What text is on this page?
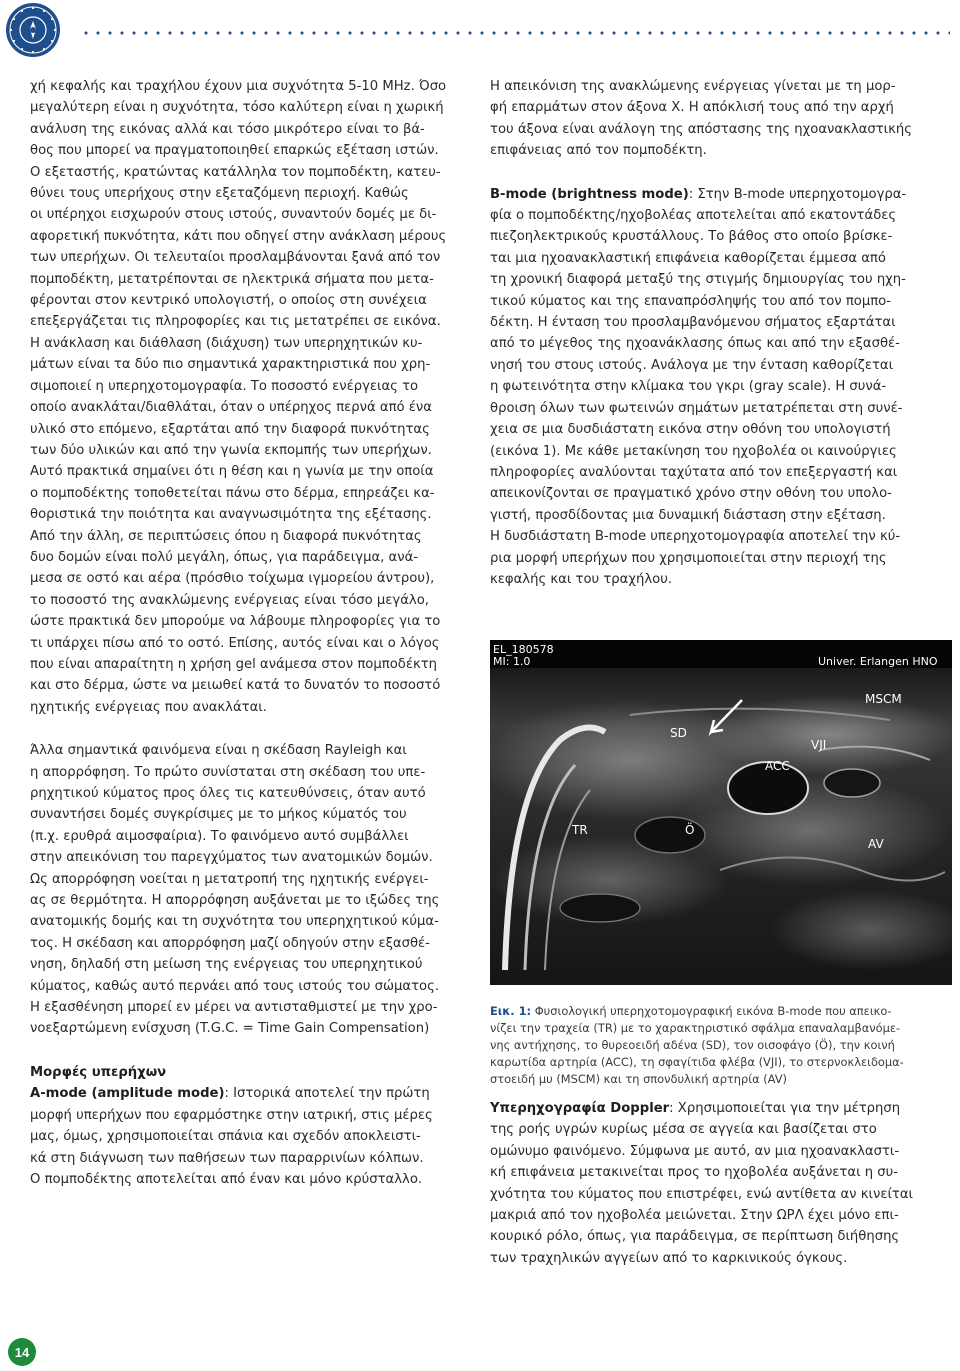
χή κεφαλής και τραχήλου έχουν μια συχνότητα 5-10 MHz. Όσο
μεγαλύτερη είναι η συχνότητα, τόσο καλύτερη είναι η χωρική
ανάλυση της εικόνας αλλά και τόσο μικρότερο είναι το βά-
θος που μπορεί να πραγματοποιηθεί επαρκώς εξέταση ιστών.
Ο εξεταστής, κρατώντας κατάλληλα τον πομποδέκτη, κατευ-
θύνει τους υπερήχους στην εξεταζόμενη περιοχή. Καθώς
οι υπέρηχοι εισχωρούν στους ιστούς, συναντούν δομές με δι-
αφορετική πυκνότητα, κάτι που οδηγεί στην ανάκλαση μέρους
των υπερήχων. Οι τελευταίοι προσλαμβάνονται ξανά από τον
πομποδέκτη, μετατρέπονται σε ηλεκτρικά σήματα που μετα-
φέρονται στον κεντρικό υπολογιστή, ο οποίος στη συνέχεια
επεξεργάζεται τις πληροφορίες και τις μετατρέπει σε εικόνα.
Η ανάκλαση και διάθλαση (διάχυση) των υπερηχητικών κυ-
μάτων είναι τα δύο πιο σημαντικά χαρακτηριστικά που χρη-
σιμοποιεί η υπερηχοτομογραφία. Το ποσοστό ενέργειας το
οποίο ανακλάται/διαθλάται, όταν ο υπέρηχος περνά από ένα
υλικό στο επόμενο, εξαρτάται από την διαφορά πυκνότητας
των δύο υλικών και από την γωνία εκπομπής των υπερήχων.
Αυτό πρακτικά σημαίνει ότι η θέση και η γωνία με την οποία
ο πομποδέκτης τοποθετείται πάνω στο δέρμα, επηρεάζει κα-
θοριστικά την ποιότητα και αναγνωσιμότητα της εξέτασης.
Από την άλλη, σε περιπτώσεις όπου η διαφορά πυκνότητας
δυο δομών είναι πολύ μεγάλη, όπως, για παράδειγμα, ανά-
μεσα σε οστό και αέρα (πρόσθιο τοίχωμα ιγμορείου άντρου),
το ποσοστό της ανακλώμενης ενέργειας είναι τόσο μεγάλο,
ώστε πρακτικά δεν μπορούμε να λάβουμε πληροφορίες για το
τι υπάρχει πίσω από το οστό. Επίσης, αυτός είναι και ο λόγος
που είναι απαραίτητη η χρήση gel ανάμεσα στον πομποδέκτη
και στο δέρμα, ώστε να μειωθεί κατά το δυνατόν το ποσοστό
ηχητικής ενέργειας που ανακλάται.

Άλλα σημαντικά φαινόμενα είναι η σκέδαση Rayleigh και
η απορρόφηση. Το πρώτο συνίσταται στη σκέδαση του υπε-
ρηχητικού κύματος προς όλες τις κατευθύνσεις, όταν αυτό
συναντήσει δομές συγκρίσιμες με το μήκος κύματός του
(π.χ. ερυθρά αιμοσφαίρια). Το φαινόμενο αυτό συμβάλλει
στην απεικόνιση του παρεγχύματος των ανατομικών δομών.
Ως απορρόφηση νοείται η μετατροπή της ηχητικής ενέργει-
ας σε θερμότητα. Η απορρόφηση αυξάνεται με το ιξώδες της
ανατομικής δομής και τη συχνότητα του υπερηχητικού κύμα-
τος. Η σκέδαση και απορρόφηση μαζί οδηγούν στην εξασθέ-
νηση, δηλαδή στη μείωση της ενέργειας του υπερηχητικού
κύματος, καθώς αυτό περνάει από τους ιστούς του σώματος.
Η εξασθένηση μπορεί εν μέρει να αντισταθμιστεί με την χρο-
νοεξαρτώμενη ενίσχυση (T.G.C. = Time Gain Compensation)

Μορφές υπερήχων

A-mode (amplitude mode): Ιστορικά αποτελεί την πρώτη
μορφή υπερήχων που εφαρμόστηκε στην ιατρική, στις μέρες
μας, όμως, χρησιμοποιείται σπάνια και σχεδόν αποκλειστι-
κά στη διάγνωση των παθήσεων των παραρρινίων κόλπων.
Ο πομποδέκτης αποτελείται από έναν και μόνο κρύσταλλο.

Η απεικόνιση της ανακλώμενης ενέργειας γίνεται με τη μορ-
φή επαρμάτων στον άξονα Χ. Η απόκλισή τους από την αρχή
του άξονα είναι ανάλογη της απόστασης της ηχοανακλαστικής
επιφάνειας από τον πομποδέκτη.

B-mode (brightness mode): Στην B-mode υπερηχοτομογρα-
φία ο πομποδέκτης/ηχοβολέας αποτελείται από εκατοντάδες
πιεζοηλεκτρικούς κρυστάλλους. Το βάθος στο οποίο βρίσκε-
ται μια ηχοανακλαστική επιφάνεια καθορίζεται έμμεσα από
τη χρονική διαφορά μεταξύ της στιγμής δημιουργίας του ηχη-
τικού κύματος και της επαναπρόσληψής του από τον πομπο-
δέκτη. Η ένταση του προσλαμβανόμενου σήματος εξαρτάται
από το μέγεθος της ηχοανάκλασης όπως και από την εξασθέ-
νησή του στους ιστούς. Ανάλογα με την ένταση καθορίζεται
η φωτεινότητα στην κλίμακα του γκρι (gray scale). Η συνά-
θροιση όλων των φωτεινών σημάτων μετατρέπεται στη συνέ-
χεια σε μια δυσδιάστατη εικόνα στην οθόνη του υπολογιστή
(εικόνα 1). Με κάθε μετακίνηση του ηχοβολέα οι καινούργιες
πληροφορίες αναλύονται ταχύτατα από τον επεξεργαστή και
απεικονίζονται σε πραγματικό χρόνο στην οθόνη του υπολο-
γιστή, προσδίδοντας μια δυναμική διάσταση στην εξέταση.
Η δυσδιάστατη B-mode υπερηχοτομογραφία αποτελεί την κύ-
ρια μορφή υπερήχων που χρησιμοποιείται στην περιοχή της
κεφαλής και του τραχήλου.

EL_180578
MI: 1.0	Univer. Erlangen HNO
SD
ACC
VJI
MSCM
TR	Ö
AV
Εικ. 1: Φυσιολογική υπερηχοτομογραφική εικόνα B-mode που απεικο-
νίζει την τραχεία (TR) με το χαρακτηριστικό σφάλμα επαναλαμβανόμε-
νης αντήχησης, το θυρεοειδή αδένα (SD), τον οισοφάγο (Ö), την κοινή
καρωτίδα αρτηρία (ACC), τη σφαγίτιδα φλέβα (VJI), το στερνοκλειδομα-
στοειδή μυ (MSCM) και τη σπονδυλική αρτηρία (AV)

Υπερηχογραφία Doppler: Χρησιμοποιείται για την μέτρηση
της ροής υγρών κυρίως μέσα σε αγγεία και βασίζεται στο
ομώνυμο φαινόμενο. Σύμφωνα με αυτό, αν μια ηχοανακλαστι-
κή επιφάνεια μετακινείται προς το ηχοβολέα αυξάνεται η συ-
χνότητα του κύματος που επιστρέφει, ενώ αντίθετα αν κινείται
μακριά από τον ηχοβολέα μειώνεται. Στην ΩΡΛ έχει μόνο επι-
κουρικό ρόλο, όπως, για παράδειγμα, σε περίπτωση διήθησης
των τραχηλικών αγγείων από το καρκινικούς όγκους.

14
